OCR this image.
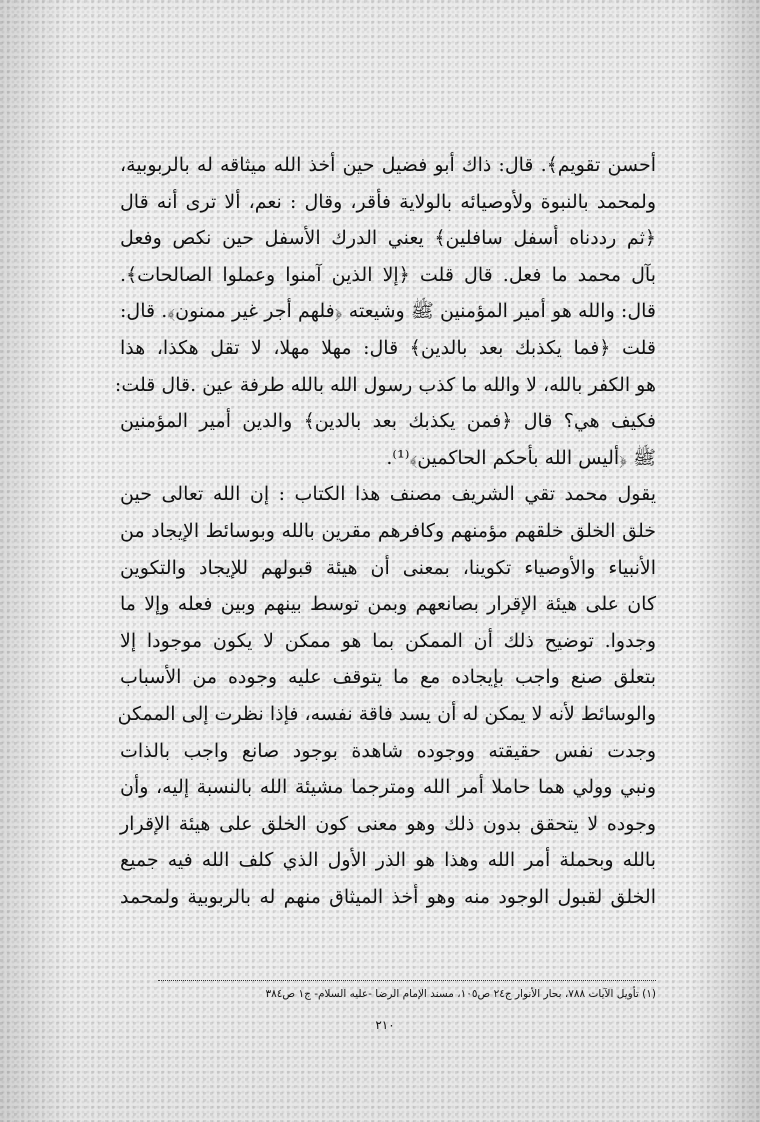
أحسن تقويم﴾. قال: ذاك أبو فضيل حين أخذ الله ميثاقه له بالربوبية،
ولمحمد بالنبوة ولأوصيائه بالولاية فأقر، وقال : نعم، ألا ترى أنه قال
﴿ثم رددناه أسفل سافلين﴾ يعني الدرك الأسفل حين نكص وفعل
بآل محمد ما فعل. قال قلت ﴿إلا الذين آمنوا وعملوا الصالحات﴾.
قال: والله هو أمير المؤمنين ﷺ وشيعته ﴿فلهم أجر غير ممنون﴾. قال:
قلت ﴿فما يكذبك بعد بالدين﴾ قال: مهلا مهلا، لا تقل هكذا، هذا
هو الكفر بالله، لا والله ما كذب رسول الله بالله طرفة عين .قال قلت:
فكيف هي؟ قال ﴿فمن يكذبك بعد بالدين﴾ والدين أمير المؤمنين
ﷺ ﴿أليس الله بأحكم الحاكمين﴾⁽¹⁾.
يقول محمد تقي الشريف مصنف هذا الكتاب : إن الله تعالى حين
خلق الخلق خلقهم مؤمنهم وكافرهم مقرين بالله وبوسائط الإيجاد من
الأنبياء والأوصياء تكوينا، بمعنى أن هيئة قبولهم للإيجاد والتكوين
كان على هيئة الإقرار بصانعهم وبمن توسط بينهم وبين فعله وإلا ما
وجدوا. توضيح ذلك أن الممكن بما هو ممكن لا يكون موجودا إلا
بتعلق صنع واجب بإيجاده مع ما يتوقف عليه وجوده من الأسباب
والوسائط لأنه لا يمكن له أن يسد فاقة نفسه، فإذا نظرت إلى الممكن
وجدت نفس حقيقته ووجوده شاهدة بوجود صانع واجب بالذات
ونبي وولي هما حاملا أمر الله ومترجما مشيئة الله بالنسبة إليه، وأن
وجوده لا يتحقق بدون ذلك وهو معنى كون الخلق على هيئة الإقرار
بالله وبحملة أمر الله وهذا هو الذر الأول الذي كلف الله فيه جميع
الخلق لقبول الوجود منه وهو أخذ الميثاق منهم له بالربوبية ولمحمد
(١) تأويل الآيات ٧٨٨، بحار الأنوار ج٢٤ ص١٠٥، مسند الإمام الرضا -عليه السلام- ج١ ص٣٨٤
٢١٠
